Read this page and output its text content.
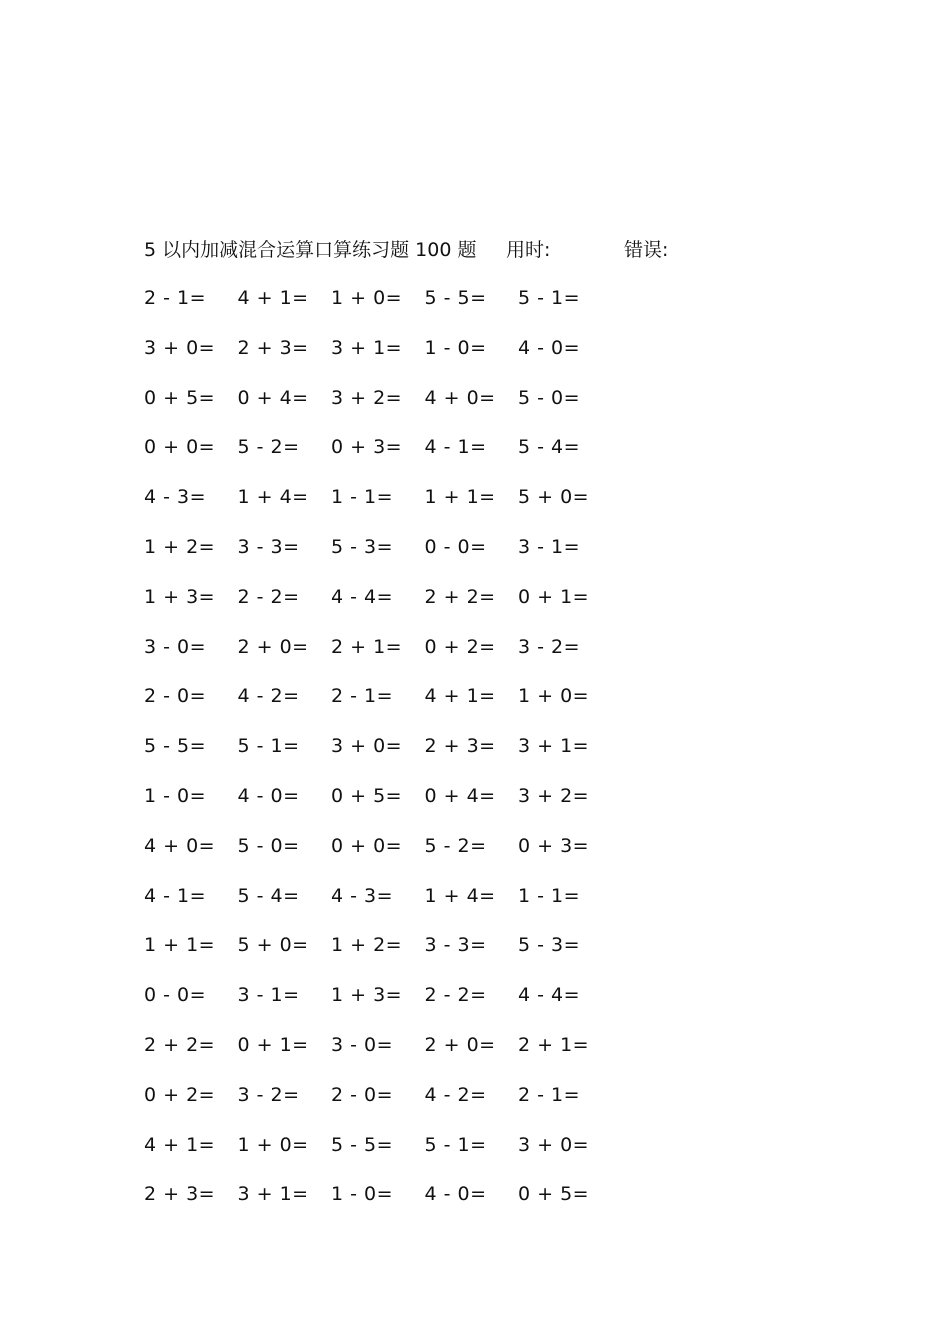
5 以内加减混合运算口算练习题 100 题 用时:	错误:
2 - 1= 4 + 1= 1 + 0= 5 - 5= 5 - 1=
3 + 0= 2 + 3= 3 + 1= 1 - 0= 4 - 0=
0 + 5= 0 + 4= 3 + 2= 4 + 0= 5 - 0=
0 + 0= 5 - 2= 0 + 3= 4 - 1= 5 - 4=
4 - 3= 1 + 4= 1 - 1= 1 + 1= 5 + 0=
1 + 2= 3 - 3= 5 - 3= 0 - 0= 3 - 1=
1 + 3= 2 - 2= 4 - 4= 2 + 2= 0 + 1=
3 - 0= 2 + 0= 2 + 1= 0 + 2= 3 - 2=
2 - 0= 4 - 2= 2 - 1= 4 + 1= 1 + 0=
5 - 5= 5 - 1= 3 + 0= 2 + 3= 3 + 1=
1 - 0= 4 - 0= 0 + 5= 0 + 4= 3 + 2=
4 + 0= 5 - 0= 0 + 0= 5 - 2= 0 + 3=
4 - 1= 5 - 4= 4 - 3= 1 + 4= 1 - 1=
1 + 1= 5 + 0= 1 + 2= 3 - 3= 5 - 3=
0 - 0= 3 - 1= 1 + 3= 2 - 2= 4 - 4=
2 + 2= 0 + 1= 3 - 0= 2 + 0= 2 + 1=
0 + 2= 3 - 2= 2 - 0= 4 - 2= 2 - 1=
4 + 1= 1 + 0= 5 - 5= 5 - 1= 3 + 0=
2 + 3= 3 + 1= 1 - 0= 4 - 0= 0 + 5=
